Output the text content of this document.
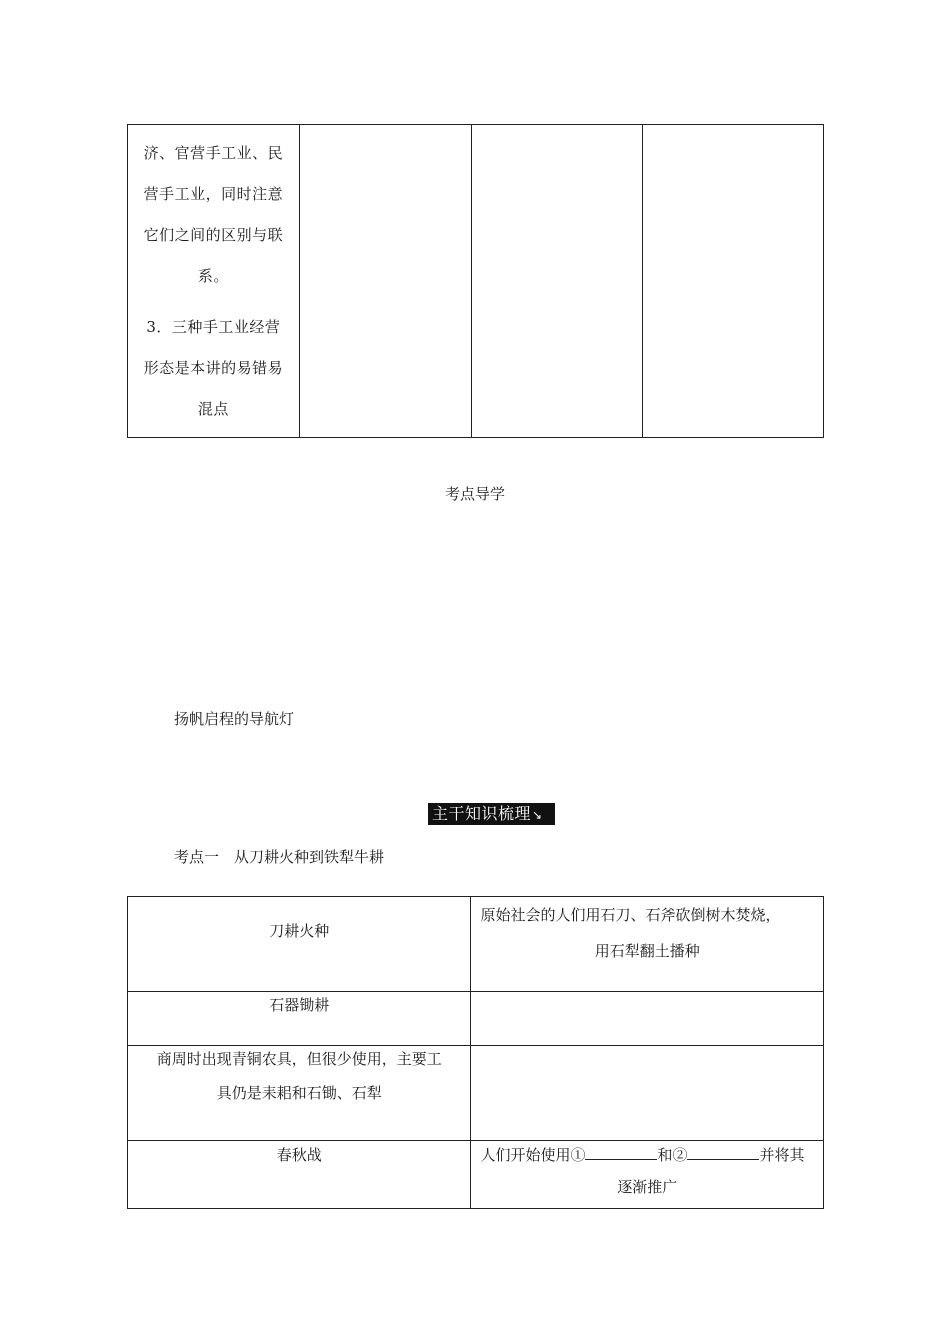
济、官营手工业、民
营手工业，同时注意
它们之间的区别与联
系。
3．三种手工业经营
形态是本讲的易错易
混点

考点导学
扬帆启程的导航灯
主干知识梳理↘
考点一　从刀耕火种到铁犁牛耕
刀耕火种	原始社会的人们用石刀、石斧砍倒树木焚烧，
用石犁翻土播种

石器锄耕	

商周时出现青铜农具，但很少使用，主要工
具仍是耒耜和石锄、石犁	

春秋战	人们开始使用① 和② 并将其
逐渐推广
